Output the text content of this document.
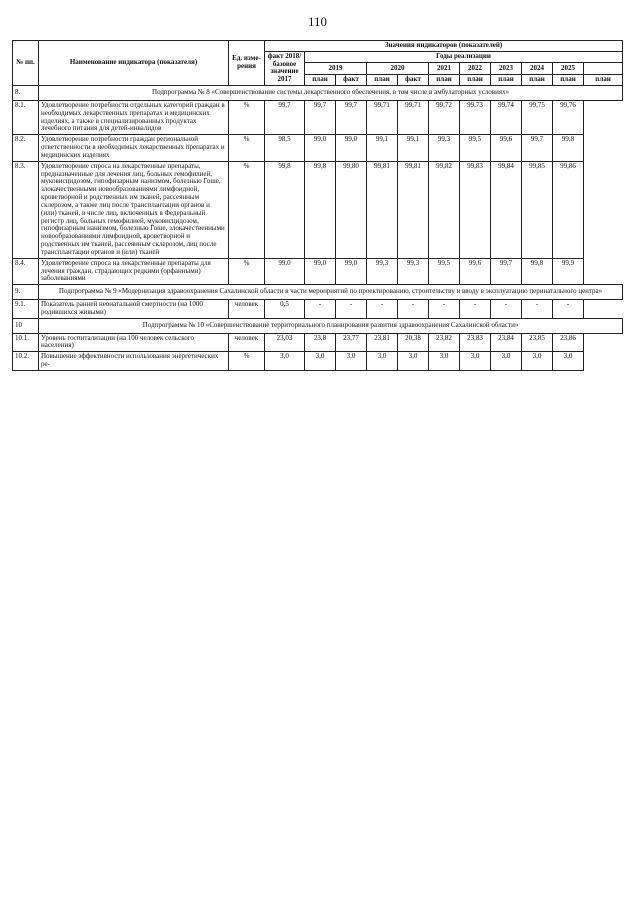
110
№ пп.	Наименование индикатора (показателя)	Ед. изме- рения	Значения индикаторов (показателей)										
			факт 2018/ базовое значение 2017	Годы реализации									
				2019		2020		2021	2022	2023	2024	2025	
				план	факт	план	факт	план	план	план	план	план	план
8.	Подпрограмма № 8 «Совершенствование системы лекарственного обеспечения, в том числе в амбулаторных условиях»												
8.1.	Удовлетворение потребности отдельных категорий граждан в необходимых лекарственных препаратах и медицинских изделиях, а также в специализированных продуктах лечебного питания для детей-инвалидов	%	99,7	99,7	99,7	99,71	99,71	99,72	99,73	99,74	99,75	99,76	
8.2.	Удовлетворение потребности граждан региональной ответственности в необходимых лекарственных препаратах и медицинских изделиях	%	98,5	99,0	99,0	99,1	99,1	99,3	99,5	99,6	99,7	99,8	
8.3.	Удовлетворение спроса на лекарственные препараты, предназначенные для лечения лиц, больных гемофилией, муковисцидозом, гипофизарным нанизмом, болезнью Гоше, злокачественными новообразованиями лимфоидной, кроветворной и родственных им тканей, рассеянным склерозом, а также лиц после трансплантации органов и (или) тканей, в числе лиц, включенных в Федеральный регистр лиц, больных гемофилией, муковисцидозом, гипофизарным нанизмом, болезнью Гоше, злокачественными новообразованиями лимфоидной, кроветворной и родственных им тканей, рассеянным склерозом, лиц после трансплантации органов и (или) тканей	%	99,8	99,8	99,80	99,81	99,81	99,82	99,83	99,84	99,85	99,86	
8.4.	Удовлетворение спроса на лекарственные препараты для лечения граждан, страдающих редкими (орфанными) заболеваниями	%	99,0	99,0	99,0	99,3	99,3	99,5	99,6	99,7	99,8	99,9	
9.	Подпрограмма № 9 «Модернизация здравоохранения Сахалинской области в части мероприятий по проектированию, строительству и вводу в эксплуатацию перинатального центра»												
9.1.	Показатель ранней неонатальной смертности (на 1000 родившихся живыми)	человек	0,5	-	-	-	-	-	-	-	-	-	
10	Подпрограмма № 10 «Совершенствование территориального планирования развития здравоохранения Сахалинской области»												
10.1.	Уровень госпитализации (на 100 человек сельского населения)	человек	23,03	23,8	23,77	23,81	20,38	23,82	23,83	23,84	23,85	23,86	
10.2.	Повышение эффективности использования энергетических ре-	%	3,0	3,0	3,0	3,0	3,0	3,0	3,0	3,0	3,0	3,0	
